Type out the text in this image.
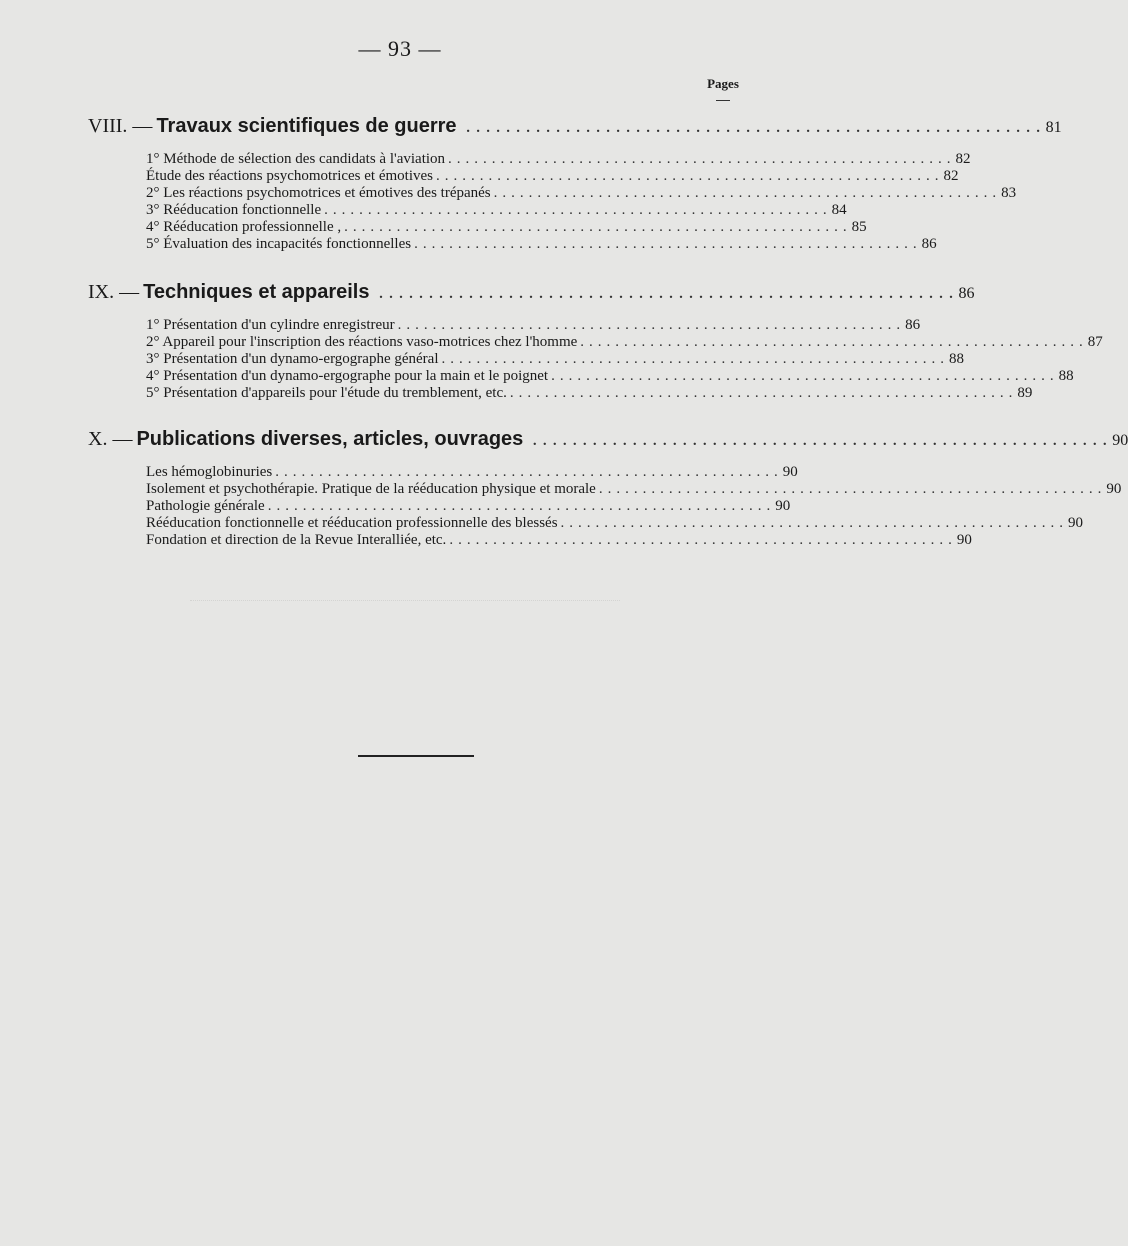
— 93 —
Pages
VIII. — Travaux scientifiques de guerre .......................................................... 81
1° Méthode de sélection des candidats à l'aviation .......................................................... 82
Étude des réactions psychomotrices et émotives .......................................................... 82
2° Les réactions psychomotrices et émotives des trépanés .......................................................... 83
3° Rééducation fonctionnelle .......................................................... 84
4° Rééducation professionnelle , .......................................................... 85
5° Évaluation des incapacités fonctionnelles .......................................................... 86
IX. — Techniques et appareils .......................................................... 86
1° Présentation d'un cylindre enregistreur .......................................................... 86
2° Appareil pour l'inscription des réactions vaso-motrices chez l'homme .......................................................... 87
3° Présentation d'un dynamo-ergographe général .......................................................... 88
4° Présentation d'un dynamo-ergographe pour la main et le poignet .......................................................... 88
5° Présentation d'appareils pour l'étude du tremblement, etc. .......................................................... 89
X. — Publications diverses, articles, ouvrages .......................................................... 90
Les hémoglobinuries .......................................................... 90
Isolement et psychothérapie. Pratique de la rééducation physique et morale .......................................................... 90
Pathologie générale .......................................................... 90
Rééducation fonctionnelle et rééducation professionnelle des blessés .......................................................... 90
Fondation et direction de la Revue Interalliée, etc. .......................................................... 90
